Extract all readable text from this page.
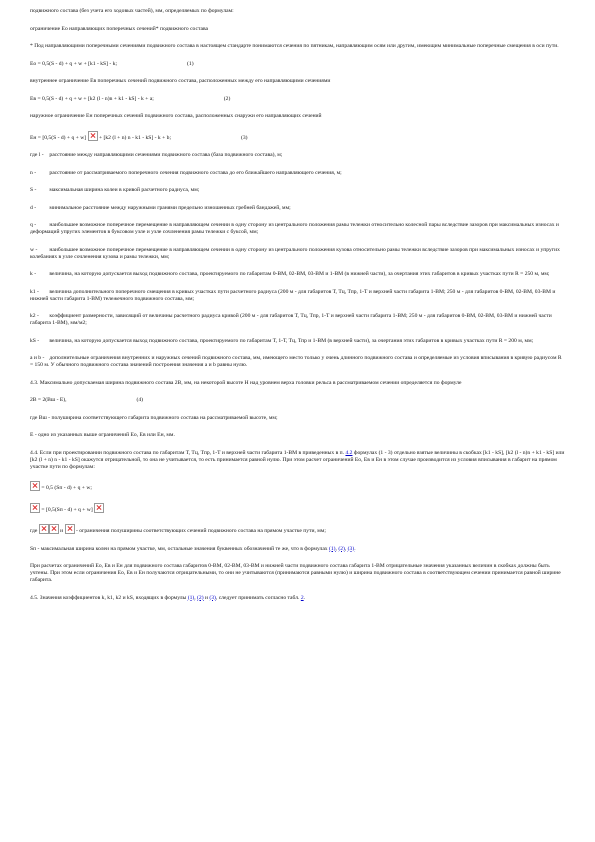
подвижного состава (без учета его ходовых частей), мм, определяемых по формулам:
ограничение Eo направляющих поперечных сечений* подвижного состава
* Под направляющими поперечными сечениями подвижного состава в настоящем стандарте понимаются сечения по пятникам, направляющим осям или другим, имеющим минимальные поперечные смещения в оси пути.
Eo = 0,5(S - d) + q + w + [k1 - kS] - k;	(1)
внутреннее ограничение Eв поперечных сечений подвижного состава, расположенных между его направляющими сечениями
Eв = 0,5(S - d) + q + w + [k2 (l - n)n + k1 - kS] - k + a;	(2)
наружное ограничение Eн поперечных сечений подвижного состава, расположенных снаружи его направляющих сечений
Eн = [0,5(S - d) + q + w] + [k2 (l + n) n - k1 - kS] - k + b;	(3)
где l - расстояние между направляющими сечениями подвижного состава (база подвижного состава), м;
n - расстояние от рассматриваемого поперечного сечения подвижного состава до его ближайшего направляющего сечения, м;
S - максимальная ширина колеи в кривой расчетного радиуса, мм;
d - минимальное расстояние между наружными гранями предельно изношенных гребней бандажей, мм;
q - наибольшее возможное поперечное перемещение в направляющем сечении в одну сторону из центрального положения рамы тележки относительно колесной пары вследствие зазоров при максимальных износах и деформаций упругих элементов в буксовом узле и узле сочленения рамы тележки с буксой, мм;
w - наибольшее возможное поперечное перемещение в направляющем сечении в одну сторону из центрального положения кузова относительно рамы тележки вследствие зазоров при максимальных износах и упругих колебаниях в узле сочленения кузова и рамы тележки, мм;
k - величина, на которую допускается выход подвижного состава, проектируемого по габаритам 0-ВМ, 02-ВМ, 03-ВМ и 1-ВМ (в нижней части), за очертания этих габаритов в кривых участках пути R = 250 м, мм;
k1 - величина дополнительного поперечного смещения в кривых участках пути расчетного радиуса (200 м - для габаритов Т, Тц, Тпр, 1-Т и верхней части габарита 1-ВМ; 250 м - для габаритов 0-ВМ, 02-ВМ, 03-ВМ и нижней части габарита 1-ВМ) тележечного подвижного состава, мм;
k2 - коэффициент размерности, зависящий от величины расчетного радиуса кривой (200 м - для габаритов Т, Тц, Тпр, 1-Т и верхней части габарита 1-ВМ; 250 м - для габаритов 0-ВМ, 02-ВМ, 03-ВМ и нижней части габарита 1-ВМ), мм/м2;
kS - величина, на которую допускается выход подвижного состава, проектируемого по габаритам Т, 1-Т, Тц, Тпр и 1-ВМ (в верхней части), за очертания этих габаритов в кривых участках пути R = 200 м, мм;
a и b - дополнительные ограничения внутренних и наружных сечений подвижного состава, мм, имеющего место только у очень длинного подвижного состава и определяемые из условия вписывания в кривую радиусом R = 150 м. У обычного подвижного состава значений построения значения a и b равны нулю.
4.3. Максимально допускаемая ширина подвижного состава 2В, мм, на некоторой высоте Н над уровнем верха головки рельса в рассматриваемом сечении определяется по формуле
2В = 2(Вш - Е),	(4)
где Вш - полуширина соответствующего габарита подвижного состава на рассматриваемой высоте, мм;
Е - одно из указанных выше ограничений Eo, Eв или Eн, мм.
4.4. Если при проектировании подвижного состава по габаритам Т, Тц, Тпр, 1-Т и верхней части габарита 1-ВМ в приведенных в п. 4.2 формулах (1 - 3) отдельно взятые величины в скобках [k1 - kS], [k2 (l - n)n + k1 - kS] или [k2 (l + n) n - k1 - kS] окажутся отрицательной, то она не учитывается, то есть принимается равной нулю. При этом расчет ограничений Eo, Eв и Eн в этом случае производится из условия вписывания в габарит на прямом участке пути по формулам:
= 0,5 (Sп - d) + q + w;
= [0,5(Sп - d) + q + w]
где	и - ограничения полуширины соответствующих сечений подвижного состава на прямом участке пути, мм;
Sп - максимальная ширина колеи на прямом участке, мм, остальные значения буквенных обозначений те же, что в формулах (1), (2), (3).
При расчетах ограничений Eo, Eв и Eн для подвижного состава габаритов 0-ВМ, 02-ВМ, 03-ВМ и нижней части подвижного состава габарита 1-ВМ отрицательные значения указанных величин в скобках должны быть учтены. При этом если ограничения Eo, Eв и Eн получаются отрицательными, то они не учитываются (принимаются равными нулю) и ширина подвижного состава в соответствующем сечении принимается равной ширине габарита.
4.5. Значения коэффициентов k, k1, k2 и kS, входящих в формулы (1), (2) и (3), следует принимать согласно табл. 2.
